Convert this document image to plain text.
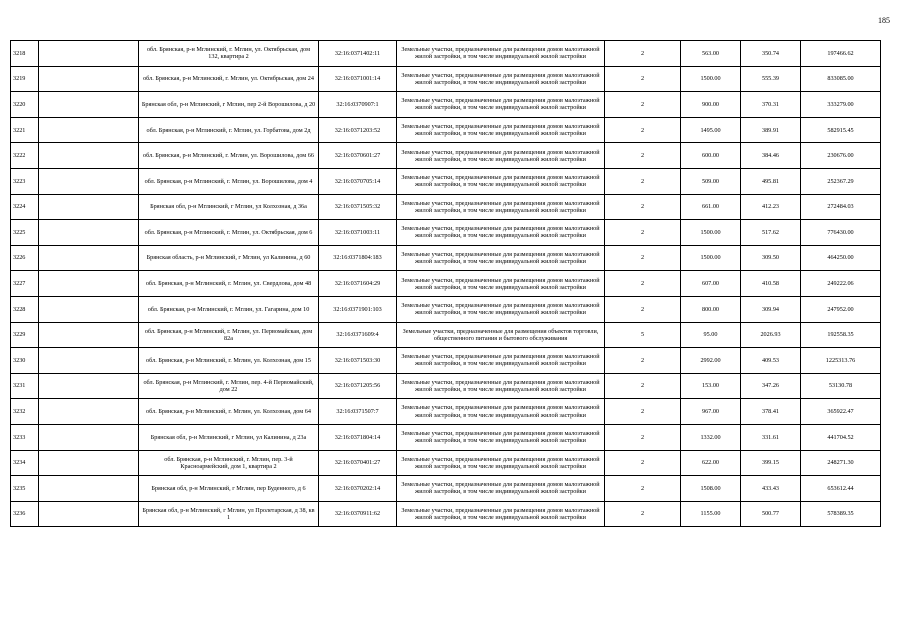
185
3218		обл. Брянская, р-н Мглинский, г. Мглин, ул. Октябрьская, дом 132, квартира 2	32:16:0371402:11	Земельные участки, предназначенные для размещения домов малоэтажной жилой застройки, в том числе индивидуальной жилой застройки	2	563.00	350.74	197466.62
3219		обл. Брянская, р-н Мглинский, г. Мглин, ул. Октябрьская, дом 24	32:16:0371001:14	Земельные участки, предназначенные для размещения домов малоэтажной жилой застройки, в том числе индивидуальной жилой застройки	2	1500.00	555.39	833085.00
3220		Брянская обл, р-н Мглинский, г Мглин, пер 2-й Ворошилова, д 20	32:16:0370907:1	Земельные участки, предназначенные для размещения домов малоэтажной жилой застройки, в том числе индивидуальной жилой застройки	2	900.00	370.31	333279.00
3221		обл. Брянская, р-н Мглинский, г. Мглин, ул. Горбатова, дом 2д	32:16:0371203:52	Земельные участки, предназначенные для размещения домов малоэтажной жилой застройки, в том числе индивидуальной жилой застройки	2	1495.00	389.91	582915.45
3222		обл. Брянская, р-н Мглинский, г. Мглин, ул. Ворошилова, дом 66	32:16:0370601:27	Земельные участки, предназначенные для размещения домов малоэтажной жилой застройки, в том числе индивидуальной жилой застройки	2	600.00	384.46	230676.00
3223		обл. Брянская, р-н Мглинский, г. Мглин, ул. Ворошилова, дом 4	32:16:0370705:14	Земельные участки, предназначенные для размещения домов малоэтажной жилой застройки, в том числе индивидуальной жилой застройки	2	509.00	495.81	252367.29
3224		Брянская обл, р-н Мглинский, г Мглин, ул Колхозная, д 36а	32:16:0371505:32	Земельные участки, предназначенные для размещения домов малоэтажной жилой застройки, в том числе индивидуальной жилой застройки	2	661.00	412.23	272484.03
3225		обл. Брянская, р-н Мглинский, г. Мглин, ул. Октябрьская, дом 6	32:16:0371003:11	Земельные участки, предназначенные для размещения домов малоэтажной жилой застройки, в том числе индивидуальной жилой застройки	2	1500.00	517.62	776430.00
3226		Брянская область, р-н Мглинский, г Мглин, ул Калинина, д 60	32:16:0371804:183	Земельные участки, предназначенные для размещения домов малоэтажной жилой застройки, в том числе индивидуальной жилой застройки	2	1500.00	309.50	464250.00
3227		обл. Брянская, р-н Мглинский, г. Мглин, ул. Свердлова, дом 48	32:16:0371604:29	Земельные участки, предназначенные для размещения домов малоэтажной жилой застройки, в том числе индивидуальной жилой застройки	2	607.00	410.58	249222.06
3228		обл. Брянская, р-н Мглинский, г. Мглин, ул. Гагарина, дом 10	32:16:0371901:103	Земельные участки, предназначенные для размещения домов малоэтажной жилой застройки, в том числе индивидуальной жилой застройки	2	800.00	309.94	247952.00
3229		обл. Брянская, р-н Мглинский, г. Мглин, ул. Первомайская, дом 82а	32:16:0371609:4	Земельные участки, предназначенные для размещения объектов торговли, общественного питания и бытового обслуживания	5	95.00	2026.93	192558.35
3230		обл. Брянская, р-н Мглинский, г. Мглин, ул. Колхозная, дом 15	32:16:0371503:30	Земельные участки, предназначенные для размещения домов малоэтажной жилой застройки, в том числе индивидуальной жилой застройки	2	2992.00	409.53	1225313.76
3231		обл. Брянская, р-н Мглинский, г. Мглин, пер. 4-й Первомайский, дом 22	32:16:0371205:56	Земельные участки, предназначенные для размещения домов малоэтажной жилой застройки, в том числе индивидуальной жилой застройки	2	153.00	347.26	53130.78
3232		обл. Брянская, р-н Мглинский, г. Мглин, ул. Колхозная, дом 64	32:16:0371507:7	Земельные участки, предназначенные для размещения домов малоэтажной жилой застройки, в том числе индивидуальной жилой застройки	2	967.00	378.41	365922.47
3233		Брянская обл, р-н Мглинский, г Мглин, ул Калинина, д 23а	32:16:0371804:14	Земельные участки, предназначенные для размещения домов малоэтажной жилой застройки, в том числе индивидуальной жилой застройки	2	1332.00	331.61	441704.52
3234		обл. Брянская, р-н Мглинский, г. Мглин, пер. 3-й Красноармейский, дом 1, квартира 2	32:16:0370401:27	Земельные участки, предназначенные для размещения домов малоэтажной жилой застройки, в том числе индивидуальной жилой застройки	2	622.00	399.15	248271.30
3235		Брянская обл, р-н Мглинский, г Мглин, пер Буденного, д 6	32:16:0370202:14	Земельные участки, предназначенные для размещения домов малоэтажной жилой застройки, в том числе индивидуальной жилой застройки	2	1508.00	433.43	653612.44
3236		Брянская обл, р-н Мглинский, г Мглин, ул Пролетарская, д 38, кв 1	32:16:0370911:62	Земельные участки, предназначенные для размещения домов малоэтажной жилой застройки, в том числе индивидуальной жилой застройки	2	1155.00	500.77	578389.35
